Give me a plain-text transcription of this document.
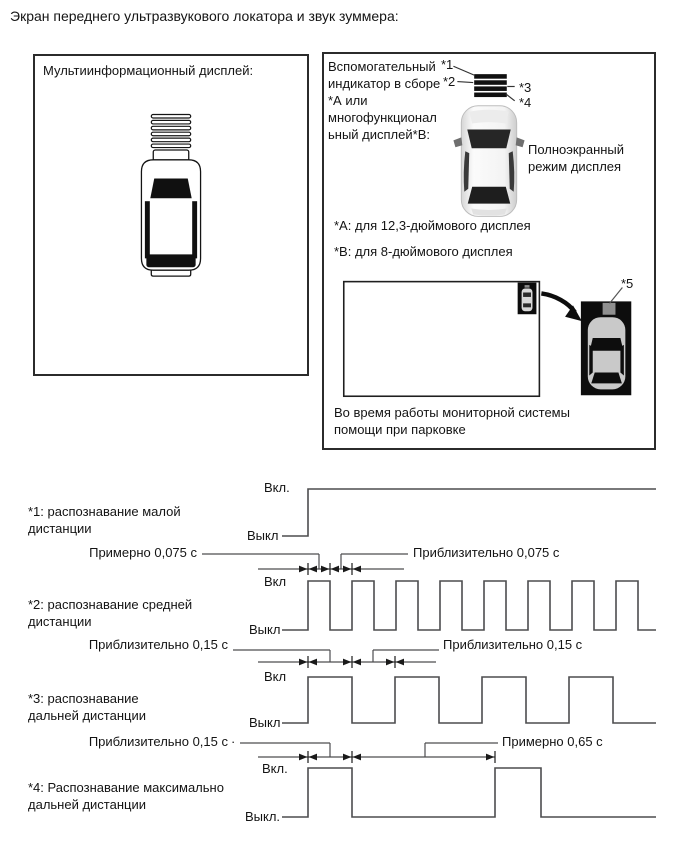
Экран переднего ультразвукового локатора и звук зуммера:
Мультиинформационный дисплей:	Вспомогательный
индикатор в сборе
*А или
многофункционал
ьный дисплей*В:
*1
*2	*3
*4
Полноэкранный
режим дисплея
*А: для 12,3-дюймового дисплея
*В: для 8-дюймового дисплея
*5
Во время работы мониторной системы
помощи при парковке
*1: распознавание малой
дистанции
Вкл.
Выкл
Примерно 0,075 с	Приблизительно 0,075 с
*2: распознавание средней
дистанции
Вкл
Выкл
Приблизительно 0,15 с	Приблизительно 0,15 с
*3: распознавание
дальней дистанции
Вкл
Выкл
Приблизительно 0,15 с ·	Примерно 0,65 с
*4: Распознавание максимально
дальней дистанции
Вкл.
Выкл.
